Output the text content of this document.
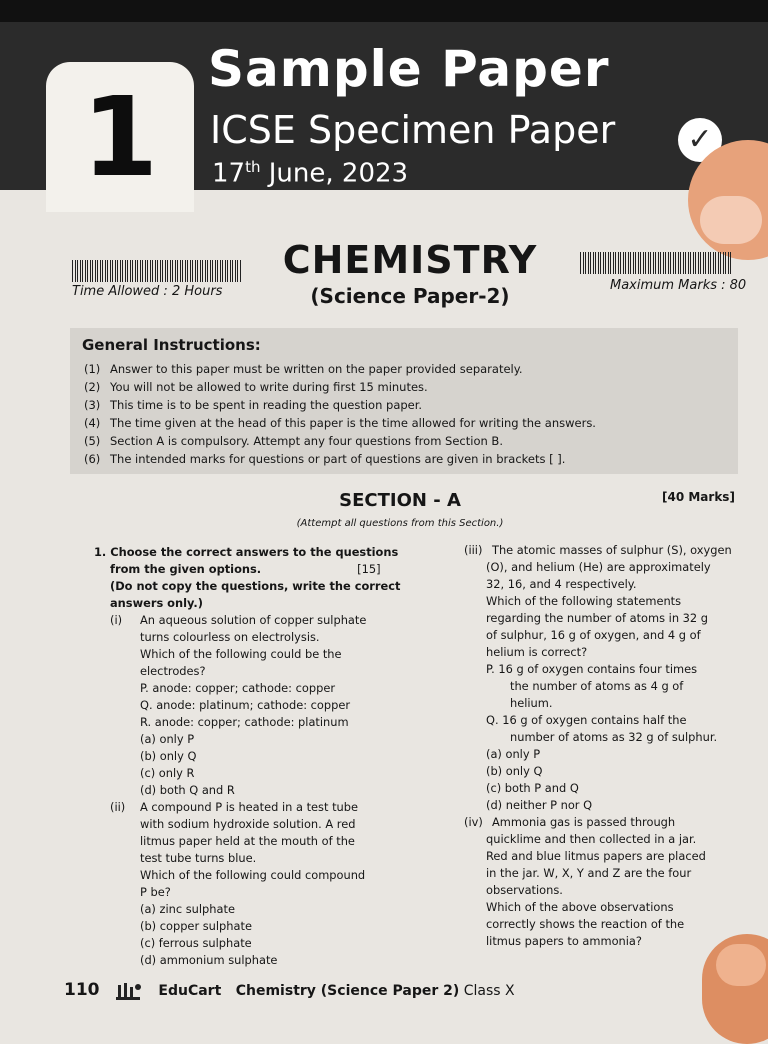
1
Sample Paper
ICSE Specimen Paper
17th June, 2023
✓
Time Allowed : 2 Hours	Maximum Marks : 80
CHEMISTRY
(Science Paper-2)
General Instructions:
(1) Answer to this paper must be written on the paper provided separately.
(2) You will not be allowed to write during first 15 minutes.
(3) This time is to be spent in reading the question paper.
(4) The time given at the head of this paper is the time allowed for writing the answers.
(5) Section A is compulsory. Attempt any four questions from Section B.
(6) The intended marks for questions or part of questions are given in brackets [ ].
SECTION - A	[40 Marks]
(Attempt all questions from this Section.)

1. Choose the correct answers to the questions

from the given options.	[15]

(Do not copy the questions, write the correct

answers only.)

(i) An aqueous solution of copper sulphate

turns colourless on electrolysis.

Which of the following could be the

electrodes?

P. anode: copper; cathode: copper

Q. anode: platinum; cathode: copper

R. anode: copper; cathode: platinum

(a) only P

(b) only Q

(c) only R

(d) both Q and R

(ii) A compound P is heated in a test tube

with sodium hydroxide solution. A red

litmus paper held at the mouth of the

test tube turns blue.

Which of the following could compound

P be?

(a) zinc sulphate

(b) copper sulphate

(c) ferrous sulphate

(d) ammonium sulphate

(iii) The atomic masses of sulphur (S), oxygen

(O), and helium (He) are approximately

32, 16, and 4 respectively.

Which of the following statements

regarding the number of atoms in 32 g

of sulphur, 16 g of oxygen, and 4 g of

helium is correct?

P. 16 g of oxygen contains four times

the number of atoms as 4 g of

helium.

Q. 16 g of oxygen contains half the

number of atoms as 32 g of sulphur.

(a) only P

(b) only Q

(c) both P and Q

(d) neither P nor Q

(iv) Ammonia gas is passed through

quicklime and then collected in a jar.

Red and blue litmus papers are placed

in the jar. W, X, Y and Z are the four

observations.

Which of the above observations

correctly shows the reaction of the

litmus papers to ammonia?

110	EduCart Chemistry (Science Paper 2) Class X
